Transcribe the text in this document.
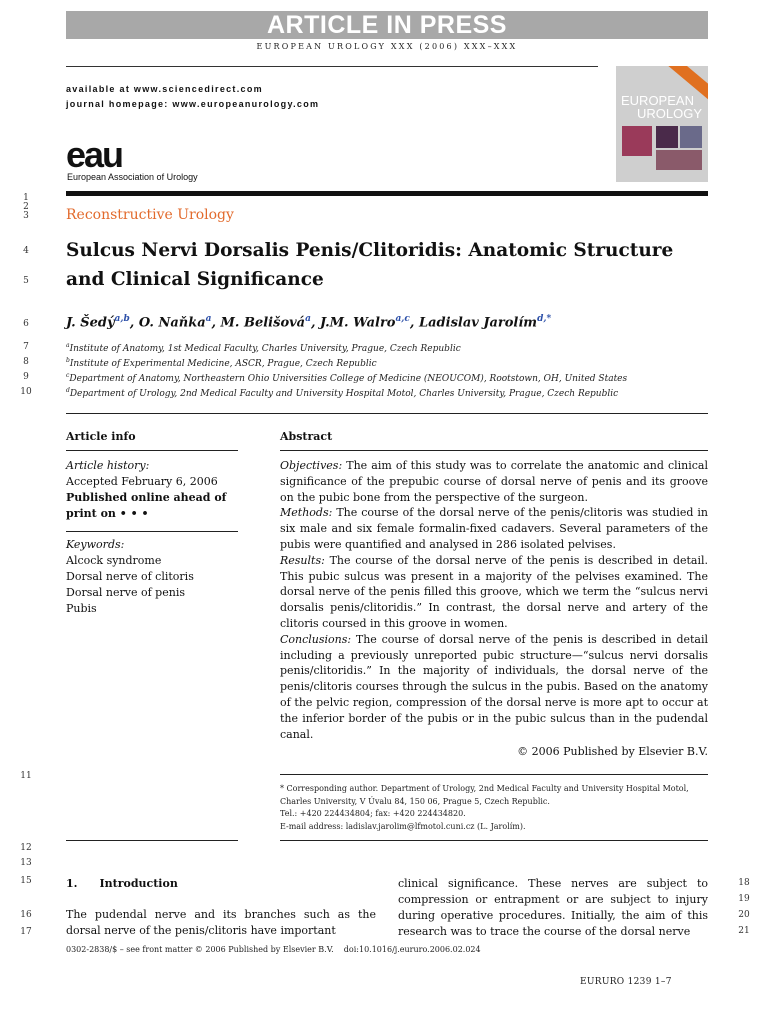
ARTICLE IN PRESS
EUROPEAN UROLOGY XXX (2006) XXX–XXX
available at www.sciencedirect.com
journal homepage: www.europeanurology.com
eau
European Association of Urology
EUROPEAN
UROLOGY
1
2
3
4
5
6
7
8
9
10
11
12
13
15
16
17
18
19
20
21
Reconstructive Urology
Sulcus Nervi Dorsalis Penis/Clitoridis: Anatomic Structure
and Clinical Significance
J. Šedý$^{a,b}$, O. Naňka$^a$, M. Belišová$^a$, J.M. Walro$^{a,c}$, Ladislav Jarolím$^{d,*}$
$^a$Institute of Anatomy, 1st Medical Faculty, Charles University, Prague, Czech Republic
$^b$Institute of Experimental Medicine, ASCR, Prague, Czech Republic
$^c$Department of Anatomy, Northeastern Ohio Universities College of Medicine (NEOUCOM), Rootstown, OH, United States
$^d$Department of Urology, 2nd Medical Faculty and University Hospital Motol, Charles University, Prague, Czech Republic
Article info
Article history:
Accepted February 6, 2006
Published online ahead of
print on • • •
Keywords:
Alcock syndrome
Dorsal nerve of clitoris
Dorsal nerve of penis
Pubis
Abstract
Objectives: The aim of this study was to correlate the anatomic and clinical significance of the prepubic course of dorsal nerve of penis and its groove on the pubic bone from the perspective of the surgeon.
Methods: The course of the dorsal nerve of the penis/clitoris was studied in six male and six female formalin-fixed cadavers. Several parameters of the pubis were quantified and analysed in 286 isolated pelvises.
Results: The course of the dorsal nerve of the penis is described in detail. This pubic sulcus was present in a majority of the pelvises examined. The dorsal nerve of the penis filled this groove, which we term the “sulcus nervi dorsalis penis/clitoridis.” In contrast, the dorsal nerve and artery of the clitoris coursed in this groove in women.
Conclusions: The course of dorsal nerve of the penis is described in detail including a previously unreported pubic structure—“sulcus nervi dorsalis penis/clitoridis.” In the majority of individuals, the dorsal nerve of the penis/clitoris courses through the sulcus in the pubis. Based on the anatomy of the pelvic region, compression of the dorsal nerve is more apt to occur at the inferior border of the pubis or in the pubic sulcus than in the pudendal canal.
© 2006 Published by Elsevier B.V.
* Corresponding author. Department of Urology, 2nd Medical Faculty and University Hospital Motol, Charles University, V Úvalu 84, 150 06, Prague 5, Czech Republic.
Tel.: +420 224434804; fax: +420 224434820.
E-mail address: ladislav.jarolim@lfmotol.cuni.cz (L. Jarolím).
1. Introduction
The pudendal nerve and its branches such as the dorsal nerve of the penis/clitoris have important
clinical significance. These nerves are subject to compression or entrapment or are subject to injury during operative procedures. Initially, the aim of this research was to trace the course of the dorsal nerve
0302-2838/$ – see front matter © 2006 Published by Elsevier B.V.    doi:10.1016/j.eururo.2006.02.024
EURURO 1239 1–7
